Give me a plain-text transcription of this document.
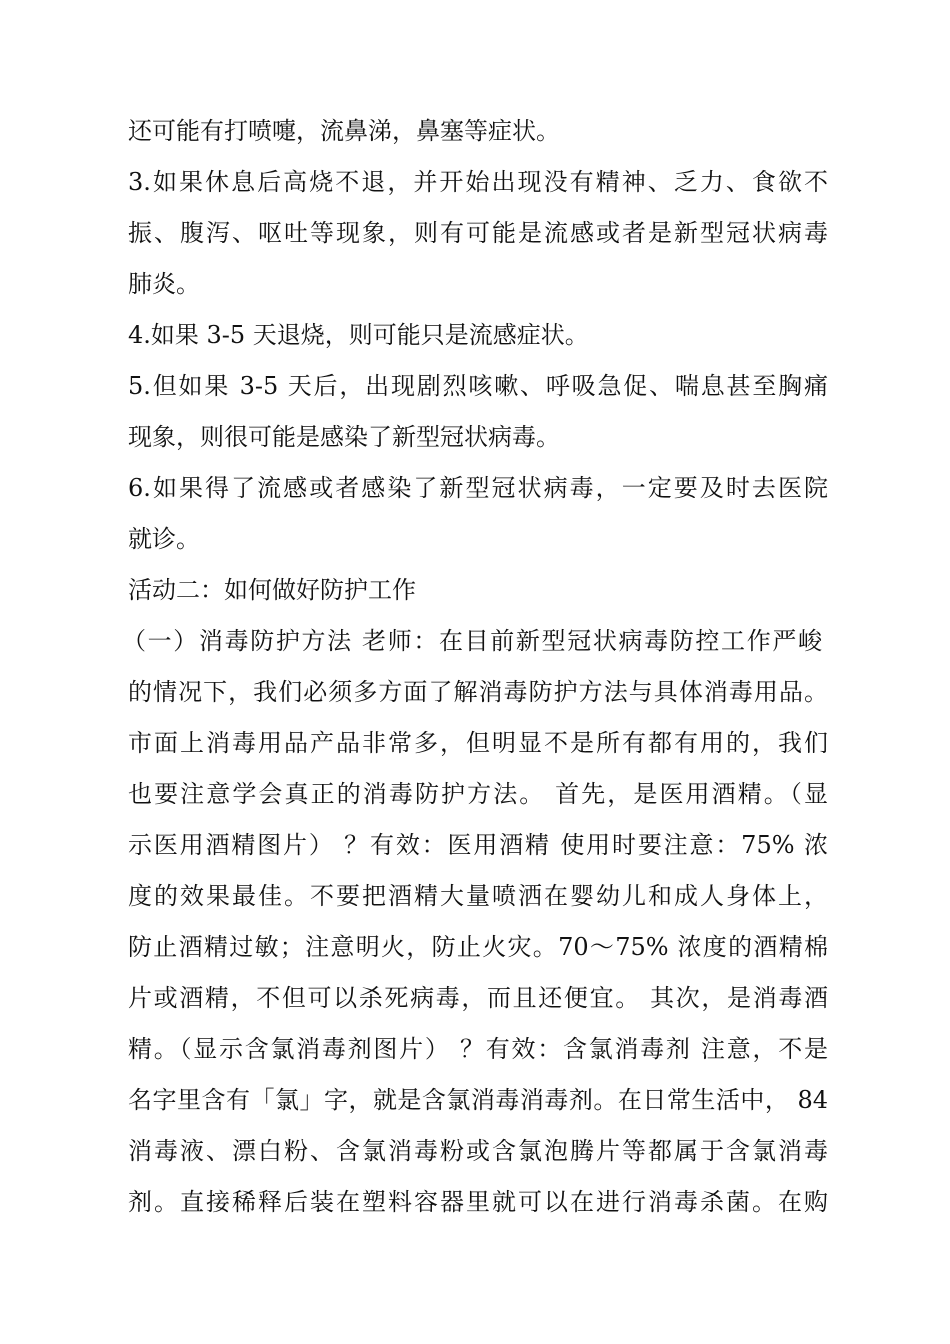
还可能有打喷嚏，流鼻涕，鼻塞等症状。
3.如果休息后高烧不退，并开始出现没有精神、乏力、食欲不
振、腹泻、呕吐等现象，则有可能是流感或者是新型冠状病毒
肺炎。
4.如果 3-5 天退烧，则可能只是流感症状。
5.但如果 3-5 天后，出现剧烈咳嗽、呼吸急促、喘息甚至胸痛
现象，则很可能是感染了新型冠状病毒。
6.如果得了流感或者感染了新型冠状病毒，一定要及时去医院
就诊。
活动二：如何做好防护工作
（一）消毒防护方法 老师：在目前新型冠状病毒防控工作严峻
的情况下，我们必须多方面了解消毒防护方法与具体消毒用品。
市面上消毒用品产品非常多，但明显不是所有都有用的，我们
也要注意学会真正的消毒防护方法。 首先，是医用酒精。（显
示医用酒精图片） ？有效：医用酒精 使用时要注意：75% 浓
度的效果最佳。不要把酒精大量喷洒在婴幼儿和成人身体上，
防止酒精过敏；注意明火，防止火灾。70～75% 浓度的酒精棉
片或酒精，不但可以杀死病毒，而且还便宜。 其次，是消毒酒
精。（显示含氯消毒剂图片） ？有效：含氯消毒剂 注意，不是
名字里含有「氯」字，就是含氯消毒消毒剂。在日常生活中， 84
消毒液、漂白粉、含氯消毒粉或含氯泡腾片等都属于含氯消毒
剂。直接稀释后装在塑料容器里就可以在进行消毒杀菌。在购
